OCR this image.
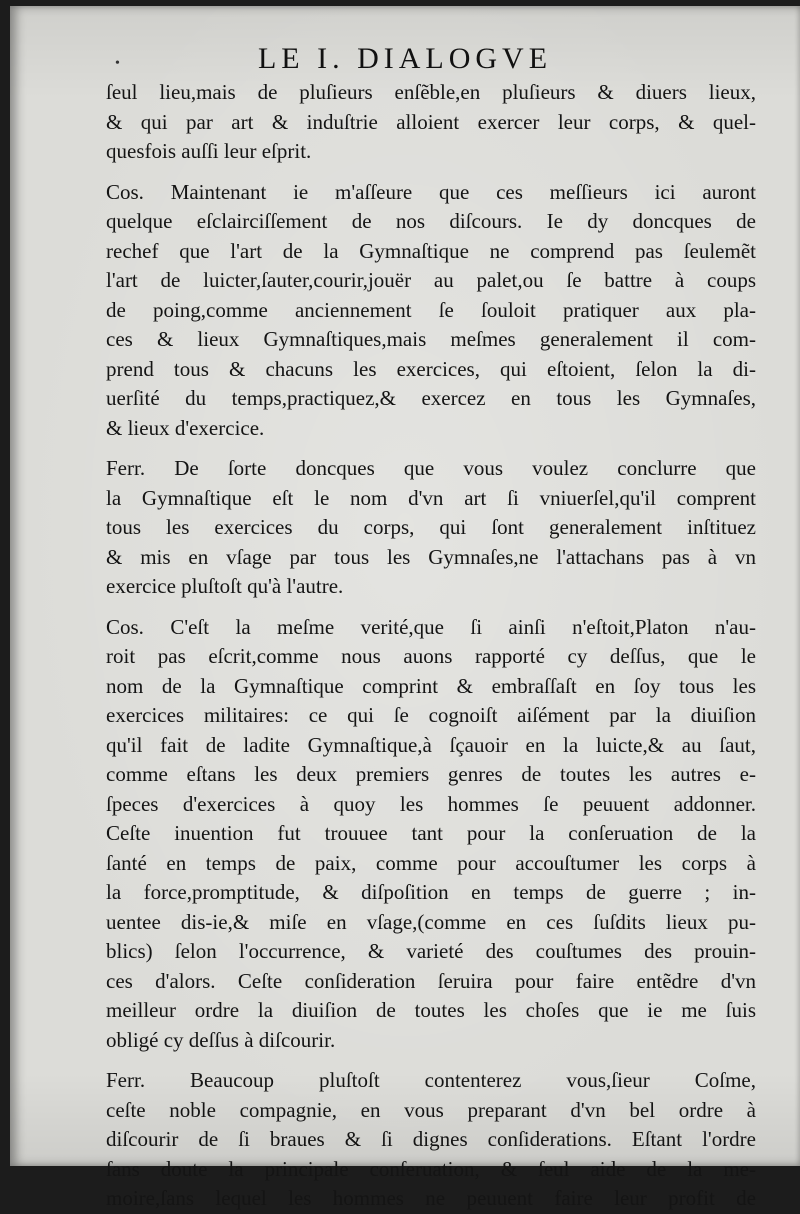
•	LE I. DIALOGVE
ſeul lieu,mais de pluſieurs enſẽble,en pluſieurs & diuers lieux,
& qui par art & induſtrie alloient exercer leur corps, & quel-
quesfois auſſi leur eſprit.
Cos. Maintenant ie m'aſſeure que ces meſſieurs ici auront
quelque eſclairciſſement de nos diſcours. Ie dy doncques de
rechef que l'art de la Gymnaſtique ne comprend pas ſeulemẽt
l'art de luicter,ſauter,courir,jouër au palet,ou ſe battre à coups
de poing,comme anciennement ſe ſouloit pratiquer aux pla-
ces & lieux Gymnaſtiques,mais meſmes generalement il com-
prend tous & chacuns les exercices, qui eſtoient, ſelon la di-
uerſité du temps,practiquez,& exercez en tous les Gymnaſes,
& lieux d'exercice.
Ferr. De ſorte doncques que vous voulez conclurre que
la Gymnaſtique eſt le nom d'vn art ſi vniuerſel,qu'il comprent
tous les exercices du corps, qui ſont generalement inſtituez
& mis en vſage par tous les Gymnaſes,ne l'attachans pas à vn
exercice pluſtoſt qu'à l'autre.
Cos. C'eſt la meſme verité,que ſi ainſi n'eſtoit,Platon n'au-
roit pas eſcrit,comme nous auons rapporté cy deſſus, que le
nom de la Gymnaſtique comprint & embraſſaſt en ſoy tous les
exercices militaires: ce qui ſe cognoiſt aiſément par la diuiſion
qu'il fait de ladite Gymnaſtique,à ſçauoir en la luicte,& au ſaut,
comme eſtans les deux premiers genres de toutes les autres e-
ſpeces d'exercices à quoy les hommes ſe peuuent addonner.
Ceſte inuention fut trouuee tant pour la conſeruation de la
ſanté en temps de paix, comme pour accouſtumer les corps à
la force,promptitude, & diſpoſition en temps de guerre ; in-
uentee dis-ie,& miſe en vſage,(comme en ces ſuſdits lieux pu-
blics) ſelon l'occurrence, & varieté des couſtumes des prouin-
ces d'alors. Ceſte conſideration ſeruira pour faire entẽdre d'vn
meilleur ordre la diuiſion de toutes les choſes que ie me ſuis
obligé cy deſſus à diſcourir.
Ferr. Beaucoup pluſtoſt contenterez vous,ſieur Coſme,
ceſte noble compagnie, en vous preparant d'vn bel ordre à
diſcourir de ſi braues & ſi dignes conſiderations. Eſtant l'ordre
ſans doute la principale conſeruation, & ſeul aide de la me-
moire,ſans lequel les hommes ne peuuent faire leur profit de
